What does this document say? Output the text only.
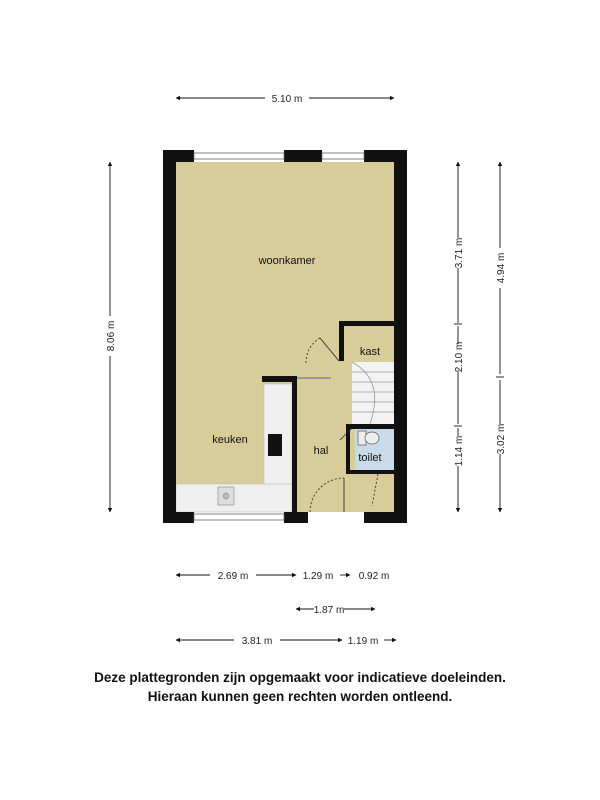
woonkamer
kast
keuken
hal
toilet
5.10 m
8.06 m
3.71 m
2.10 m
1.14 m
4.94 m
3.02 m
2.69 m	1.29 m	0.92 m
1.87 m
3.81 m	1.19 m
Deze plattegronden zijn opgemaakt voor indicatieve doeleinden.
Hieraan kunnen geen rechten worden ontleend.
